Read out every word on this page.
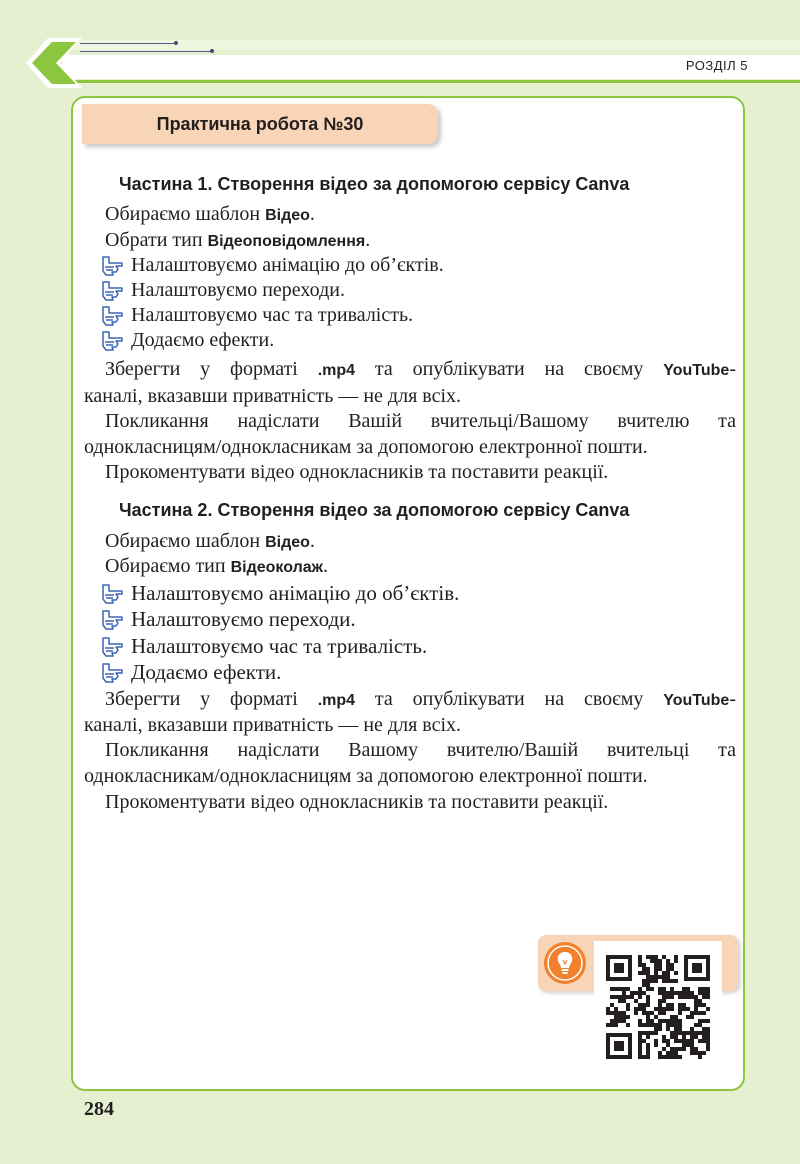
РОЗДІЛ 5
Практична робота №30
Частина 1. Створення відео за допомогою сервісу Canva
Обираємо шаблон Відео.
Обрати тип Відеоповідомлення.
Налаштовуємо анімацію до об’єктів.
Налаштовуємо переходи.
Налаштовуємо час та тривалість.
Додаємо ефекти.
Зберегти у форматі .mp4 та опублікувати на своєму YouTube-
каналі, вказавши приватність — не для всіх.
Покликання надіслати Вашій вчительці/Вашому вчителю та
однокласницям/однокласникам за допомогою електронної пошти.
Прокоментувати відео однокласників та поставити реакції.
Частина 2. Створення відео за допомогою сервісу Canva
Обираємо шаблон Відео.
Обираємо тип Відеоколаж.
Налаштовуємо анімацію до об’єктів.
Налаштовуємо переходи.
Налаштовуємо час та тривалість.
Додаємо ефекти.
Зберегти у форматі .mp4 та опублікувати на своєму YouTube-
каналі, вказавши приватність — не для всіх.
Покликання надіслати Вашому вчителю/Вашій вчительці та
однокласникам/однокласницям за допомогою електронної пошти.
Прокоментувати відео однокласників та поставити реакції.
284
